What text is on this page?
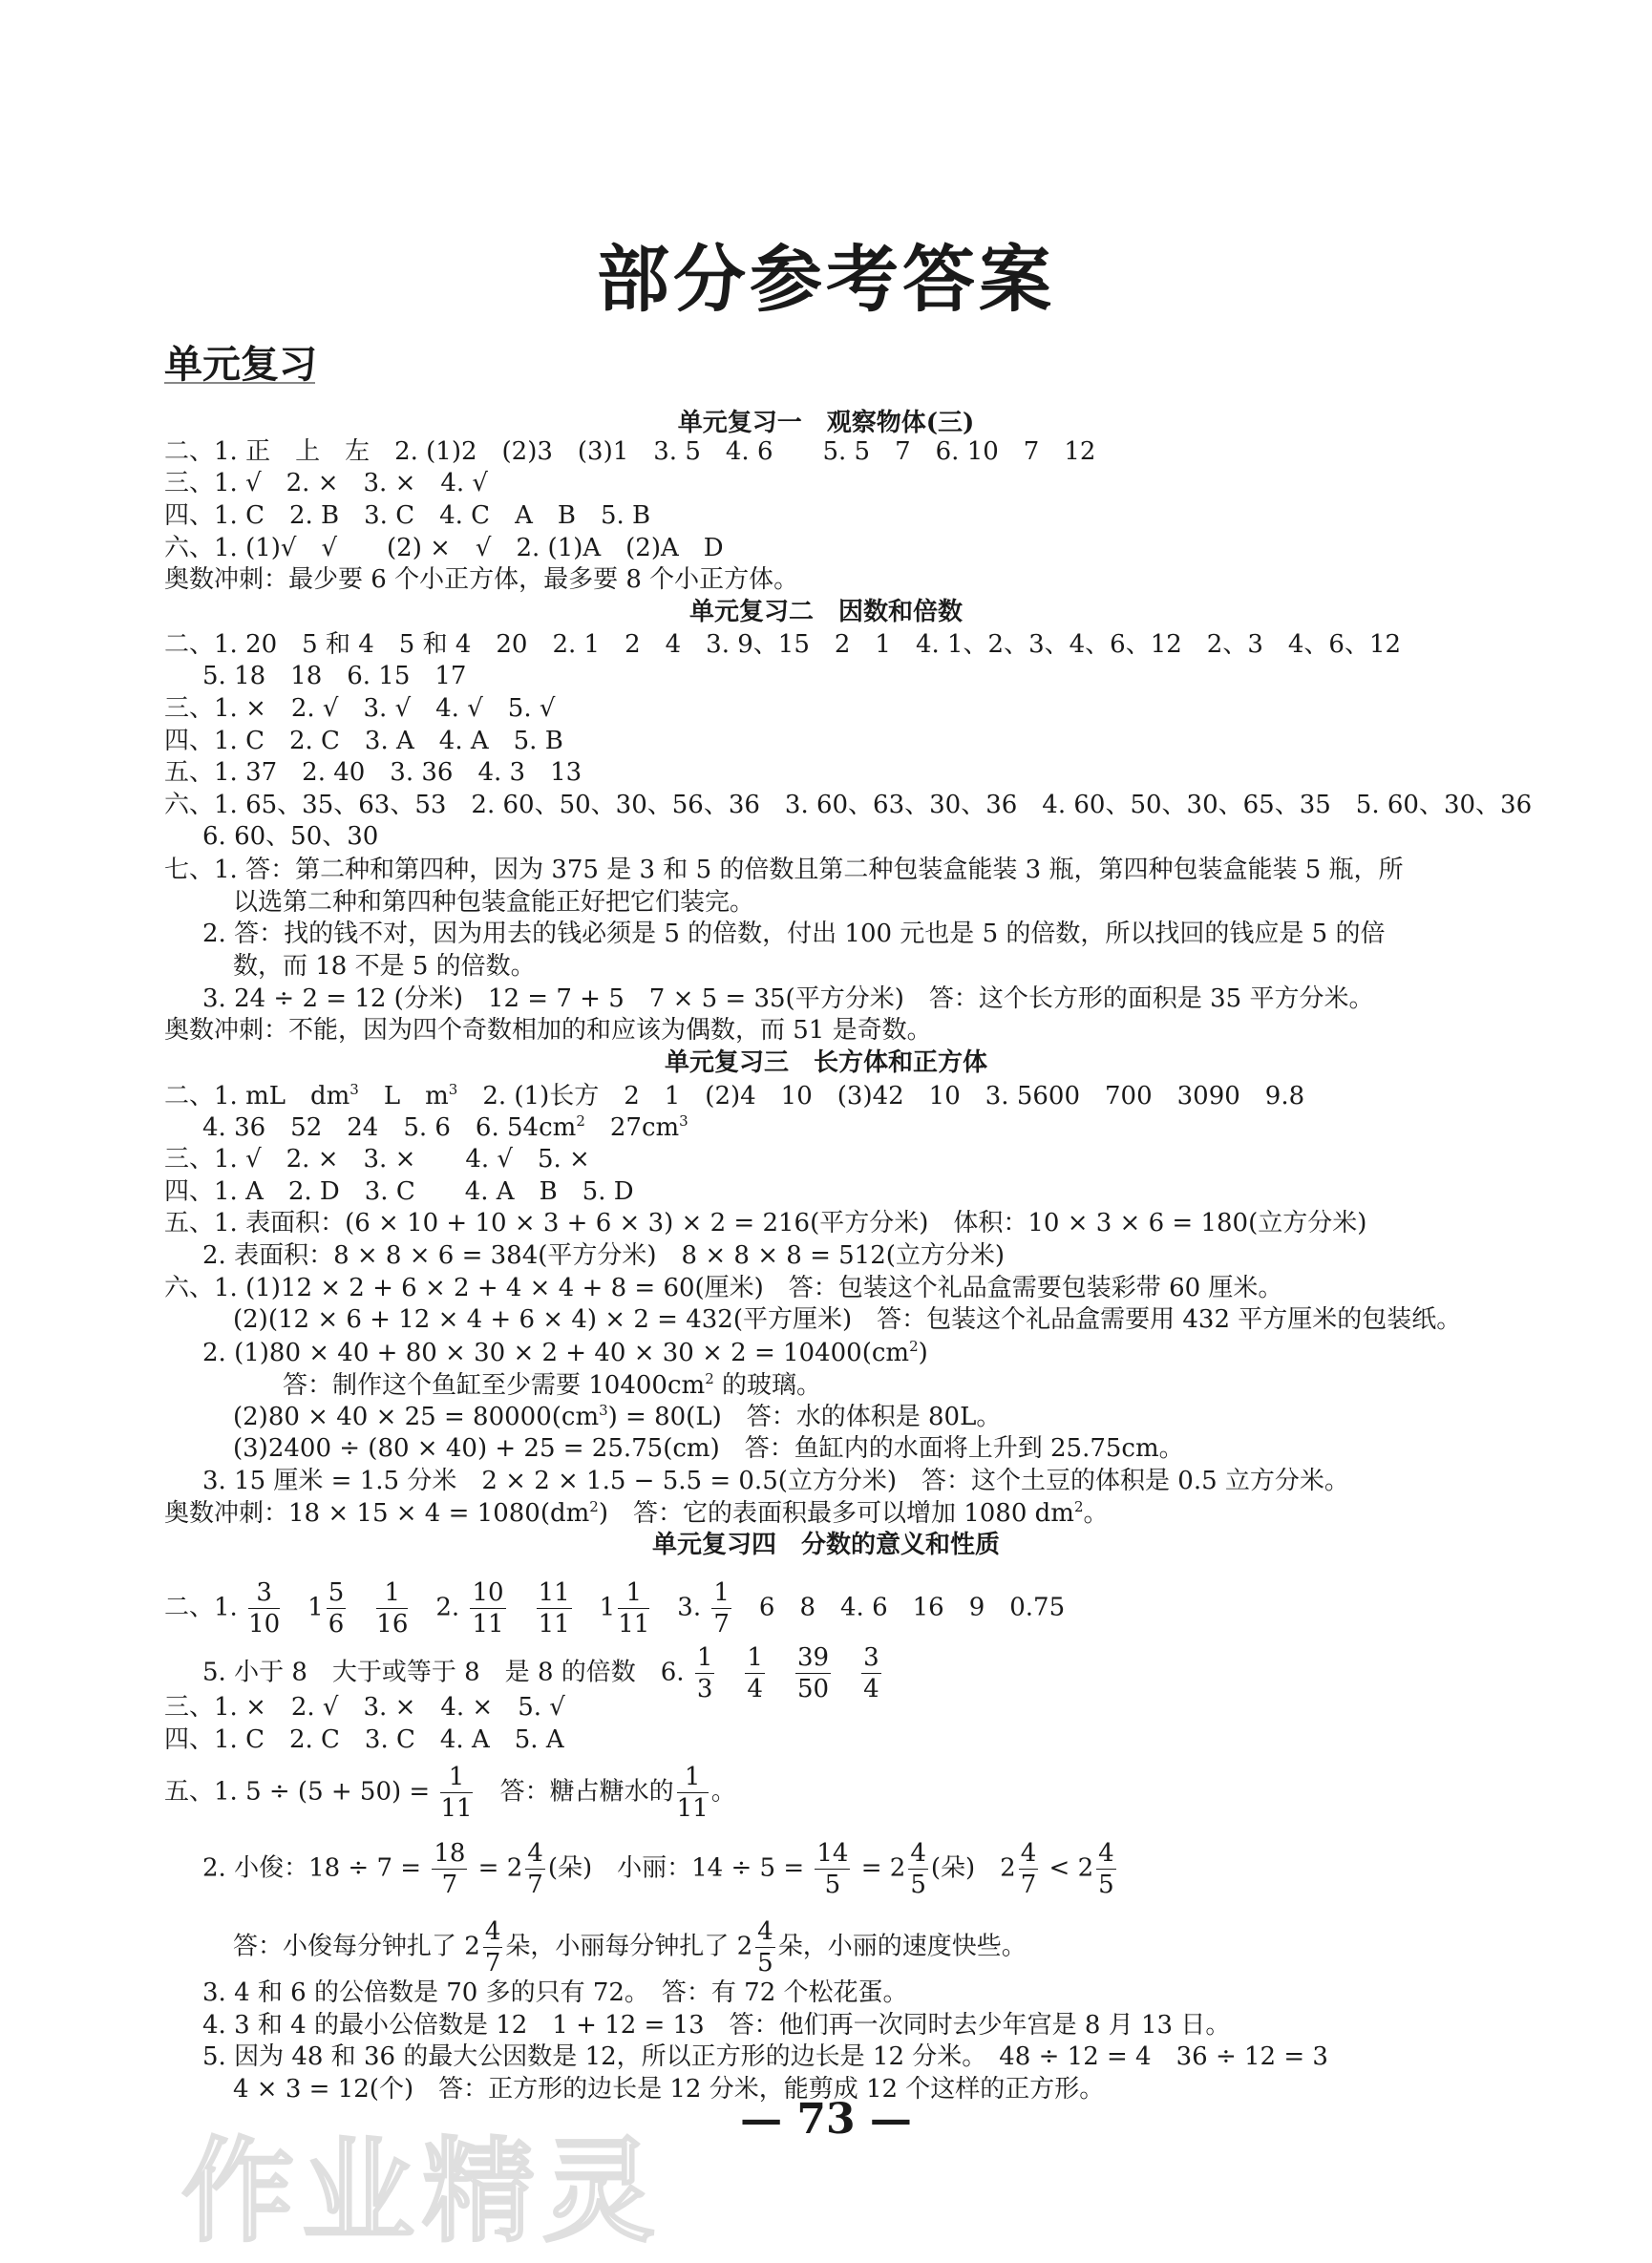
部分参考答案
单元复习
单元复习一　观察物体(三)
二、1. 正　上　左　2. (1)2　(2)3　(3)1　3. 5　4. 6　　5. 5　7　6. 10　7　12
三、1. √　2. ×　3. ×　4. √
四、1. C　2. B　3. C　4. C　A　B　5. B
六、1. (1)√　√　　(2) ×　√　2. (1)A　(2)A　D
奥数冲刺：最少要 6 个小正方体，最多要 8 个小正方体。
单元复习二　因数和倍数
二、1. 20　5 和 4　5 和 4　20　2. 1　2　4　3. 9、15　2　1　4. 1、2、3、4、6、12　2、3　4、6、12
5. 18　18　6. 15　17
三、1. ×　2. √　3. √　4. √　5. √
四、1. C　2. C　3. A　4. A　5. B
五、1. 37　2. 40　3. 36　4. 3　13
六、1. 65、35、63、53　2. 60、50、30、56、36　3. 60、63、30、36　4. 60、50、30、65、35　5. 60、30、36
6. 60、50、30
七、1. 答：第二种和第四种，因为 375 是 3 和 5 的倍数且第二种包装盒能装 3 瓶，第四种包装盒能装 5 瓶，所
以选第二种和第四种包装盒能正好把它们装完。
2. 答：找的钱不对，因为用去的钱必须是 5 的倍数，付出 100 元也是 5 的倍数，所以找回的钱应是 5 的倍
数，而 18 不是 5 的倍数。
3. 24 ÷ 2 = 12 (分米)　12 = 7 + 5　7 × 5 = 35(平方分米)　答：这个长方形的面积是 35 平方分米。
奥数冲刺：不能，因为四个奇数相加的和应该为偶数，而 51 是奇数。
单元复习三　长方体和正方体
二、1. mL　$dm^3$　L　$m^3$　2. (1)长方　2　1　(2)4　10　(3)42　10　3. 5600　700　3090　9.8
4. 36　52　24　5. 6　6. $54cm^2$　$27cm^3$
三、1. √　2. ×　3. ×　　4. √　5. ×
四、1. A　2. D　3. C　　4. A　B　5. D
五、1. 表面积：(6 × 10 + 10 × 3 + 6 × 3) × 2 = 216(平方分米)　体积：10 × 3 × 6 = 180(立方分米)
2. 表面积：8 × 8 × 6 = 384(平方分米)　8 × 8 × 8 = 512(立方分米)
六、1. (1)12 × 2 + 6 × 2 + 4 × 4 + 8 = 60(厘米)　答：包装这个礼品盒需要包装彩带 60 厘米。
(2)(12 × 6 + 12 × 4 + 6 × 4) × 2 = 432(平方厘米)　答：包装这个礼品盒需要用 432 平方厘米的包装纸。
2. $(1)80 \times 40 + 80 \times 30 \times 2 + 40 \times 30 \times 2 = 10400(cm^2)$
答：制作这个鱼缸至少需要 $10400cm^2$ 的玻璃。
$(2)80 \times 40 \times 25 = 80000(cm^3) = 80(L)$　答：水的体积是 80L。
(3)2400 ÷ (80 × 40) + 25 = 25.75(cm)　答：鱼缸内的水面将上升到 25.75cm。
3. 15 厘米 = 1.5 分米　2 × 2 × 1.5 − 5.5 = 0.5(立方分米)　答：这个土豆的体积是 0.5 立方分米。
奥数冲刺：$18 \times 15 \times 4 = 1080(dm^2)$　答：它的表面积最多可以增加 1080 $dm^2$。
单元复习四　分数的意义和性质
二、1. $\frac{3}{10}$ 　$1 \frac{5}{6}$
　 $\frac{1}{16}$ 　2. $\frac{10}{11}$
　 $\frac{11}{11}$ 　$1 \frac{1}{11}$ 　3. $\frac{1}{7}$ 　6　8　4. 6　16　9　0.75
5. 小于 8　大于或等于 8　是 8 的倍数　6. $\frac{1}{3}$
　 $\frac{1}{4}$
　 $\frac{39}{50}$
　 $\frac{3}{4}$
三、1. ×　2. √　3. ×　4. ×　5. √
四、1. C　2. C　3. C　4. A　5. A
五、1. $5 \div (5 + 50) = \frac{1}{11}$ 　答：糖占糖水的 $\frac{1}{11}$ 。
2. 小俊：$18 \div 7 = \frac{18}{7} = 2 \frac{4}{7}$ (朵)　小丽：$14 \div 5 = \frac{14}{5} = 2 \frac{4}{5}$ (朵)　$2 \frac{4}{7} < 2 \frac{4}{5}$
答：小俊每分钟扎了 $2 \frac{4}{7}$ 朵，小丽每分钟扎了 $2 \frac{4}{5}$ 朵，小丽的速度快些。
3. 4 和 6 的公倍数是 70 多的只有 72。　答：有 72 个松花蛋。
4. 3 和 4 的最小公倍数是 12　1 + 12 = 13　答：他们再一次同时去少年宫是 8 月 13 日。
5. 因为 48 和 36 的最大公因数是 12，所以正方形的边长是 12 分米。　48 ÷ 12 = 4　36 ÷ 12 = 3
4 × 3 = 12(个)　答：正方形的边长是 12 分米，能剪成 12 个这样的正方形。
作业精灵
— 73 —
